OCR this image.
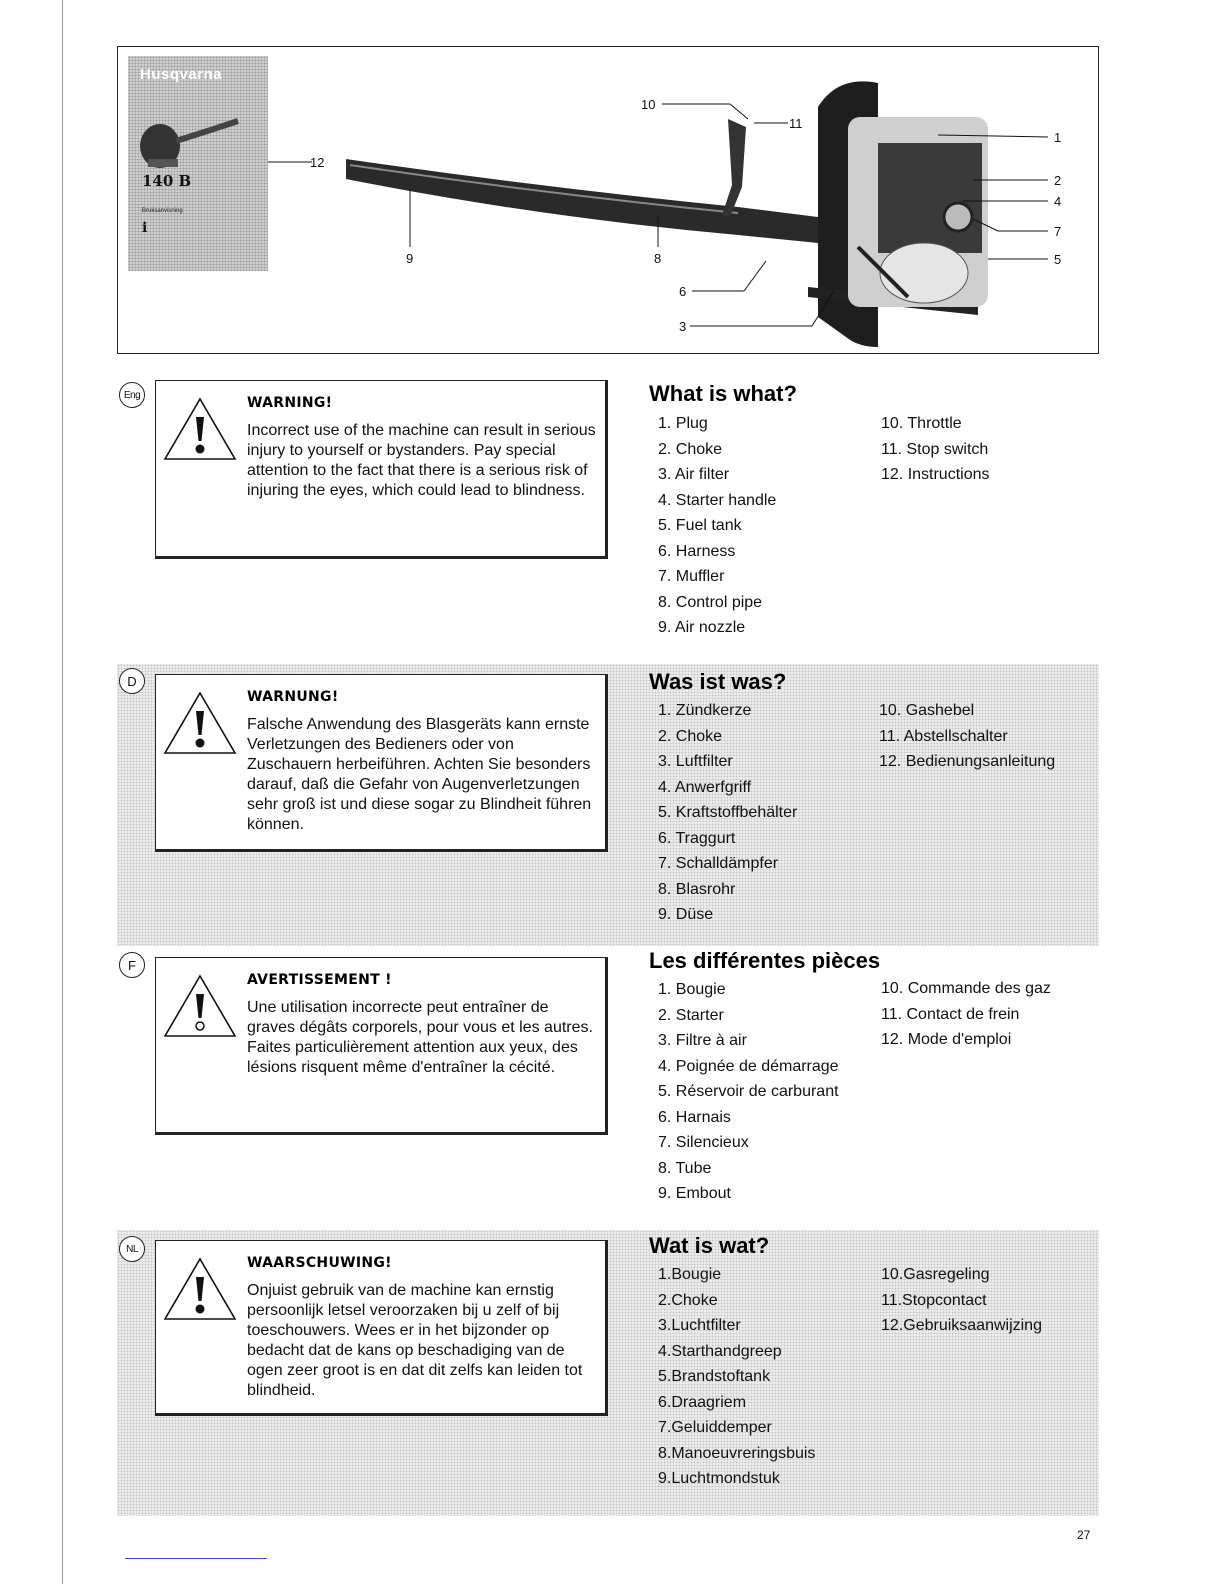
Husqvarna
140 B
Bruksanvisning
i
10
11
1
12
2
4
7
5
9	8
6
3
Eng	WARNING!

Incorrect use of the machine can result in serious injury to yourself or bystanders. Pay special attention to the fact that there is a serious risk of injuring the eyes, which could lead to blindness.

What is what?
1. Plug
2. Choke
3. Air filter
4. Starter handle
5. Fuel tank
6. Harness
7. Muffler
8. Control pipe
9. Air nozzle
10. Throttle
11. Stop switch
12. Instructions
D
WARNUNG!

Falsche Anwendung des Blasgeräts kann ernste Verletzungen des Bedieners oder von Zuschauern herbeiführen. Achten Sie besonders darauf, daß die Gefahr von Augenverletzungen sehr groß ist und diese sogar zu Blindheit führen können.

Was ist was?
1. Zündkerze
2. Choke
3. Luftfilter
4. Anwerfgriff
5. Kraftstoffbehälter
6. Traggurt
7. Schalldämpfer
8. Blasrohr
9. Düse
10. Gashebel
11. Abstellschalter
12. Bedienungsanleitung
F
AVERTISSEMENT !

Une utilisation incorrecte peut entraîner de graves dégâts corporels, pour vous et les autres. Faites particulièrement attention aux yeux, des lésions risquent même d'entraîner la cécité.

Les différentes pièces
1. Bougie
2. Starter
3. Filtre à air
4. Poignée de démarrage
5. Réservoir de carburant
6. Harnais
7. Silencieux
8. Tube
9. Embout
10. Commande des gaz
11. Contact de frein
12. Mode d'emploi
NL
WAARSCHUWING!

Onjuist gebruik van de machine kan ernstig persoonlijk letsel veroorzaken bij u zelf of bij toeschouwers. Wees er in het bijzonder op bedacht dat de kans op beschadiging van de ogen zeer groot is en dat dit zelfs kan leiden tot blindheid.

Wat is wat?
1.Bougie
2.Choke
3.Luchtfilter
4.Starthandgreep
5.Brandstoftank
6.Draagriem
7.Geluiddemper
8.Manoeuvreringsbuis
9.Luchtmondstuk
10.Gasregeling
11.Stopcontact
12.Gebruiksaanwijzing
27
